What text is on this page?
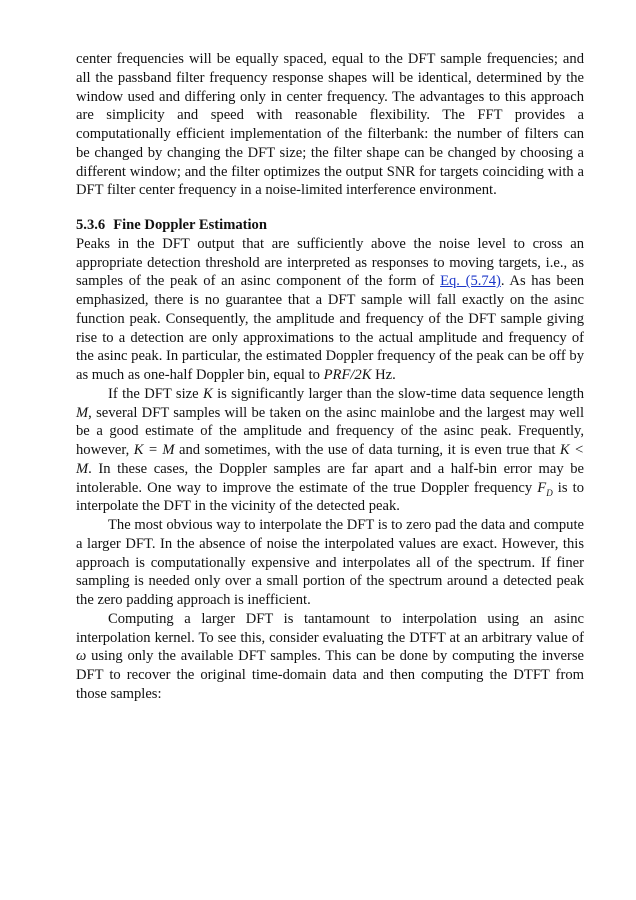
center frequencies will be equally spaced, equal to the DFT sample frequencies; and all the passband filter frequency response shapes will be identical, determined by the window used and differing only in center frequency. The advantages to this approach are simplicity and speed with reasonable flexibility. The FFT provides a computationally efficient implementation of the filterbank: the number of filters can be changed by changing the DFT size; the filter shape can be changed by choosing a different window; and the filter optimizes the output SNR for targets coinciding with a DFT filter center frequency in a noise-limited interference environment.

5.3.6 Fine Doppler Estimation

Peaks in the DFT output that are sufficiently above the noise level to cross an appropriate detection threshold are interpreted as responses to moving targets, i.e., as samples of the peak of an asinc component of the form of Eq. (5.74). As has been emphasized, there is no guarantee that a DFT sample will fall exactly on the asinc function peak. Consequently, the amplitude and frequency of the DFT sample giving rise to a detection are only approximations to the actual amplitude and frequency of the asinc peak. In particular, the estimated Doppler frequency of the peak can be off by as much as one-half Doppler bin, equal to PRF/2K Hz.

If the DFT size K is significantly larger than the slow-time data sequence length M, several DFT samples will be taken on the asinc mainlobe and the largest may well be a good estimate of the amplitude and frequency of the asinc peak. Frequently, however, K = M and sometimes, with the use of data turning, it is even true that K < M. In these cases, the Doppler samples are far apart and a half-bin error may be intolerable. One way to improve the estimate of the true Doppler frequency $F_D$ is to interpolate the DFT in the vicinity of the detected peak.

The most obvious way to interpolate the DFT is to zero pad the data and compute a larger DFT. In the absence of noise the interpolated values are exact. However, this approach is computationally expensive and interpolates all of the spectrum. If finer sampling is needed only over a small portion of the spectrum around a detected peak the zero padding approach is inefficient.

Computing a larger DFT is tantamount to interpolation using an asinc interpolation kernel. To see this, consider evaluating the DTFT at an arbitrary value of ω using only the available DFT samples. This can be done by computing the inverse DFT to recover the original time-domain data and then computing the DTFT from those samples:
